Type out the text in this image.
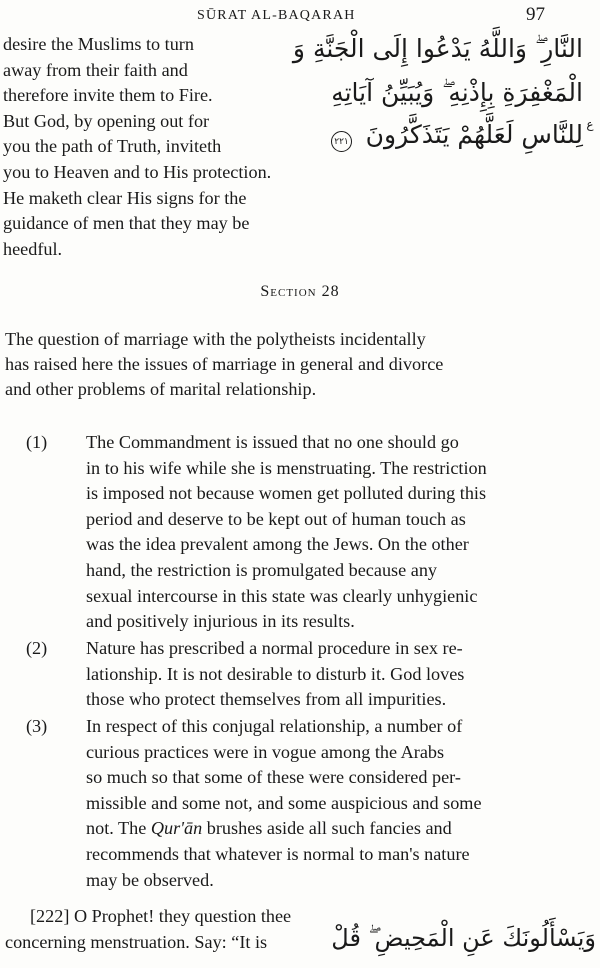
SŪRAT AL-BAQARAH	97
desire the Muslims to turn
away from their faith and
therefore invite them to Fire.
But God, by opening out for
you the path of Truth, inviteth
you to Heaven and to His protection.
He maketh clear His signs for the
guidance of men that they may be
heedful.
النَّارِ ۖ وَاللَّهُ يَدْعُوا إِلَى الْجَنَّةِ وَ
الْمَغْفِرَةِ بِإِذْنِهِ ۖ وَيُبَيِّنُ آيَاتِهِ
لِلنَّاسِ لَعَلَّهُمْ يَتَذَكَّرُونَ
٢٢١
ع
Section 28
The question of marriage with the polytheists incidentally
has raised here the issues of marriage in general and divorce
and other problems of marital relationship.
(1) The Commandment is issued that no one should go
in to his wife while she is menstruating. The restriction
is imposed not because women get polluted during this
period and deserve to be kept out of human touch as
was the idea prevalent among the Jews. On the other
hand, the restriction is promulgated because any
sexual intercourse in this state was clearly unhygienic
and positively injurious in its results.
(2) Nature has prescribed a normal procedure in sex re-
lationship. It is not desirable to disturb it. God loves
those who protect themselves from all impurities.
(3) In respect of this conjugal relationship, a number of
curious practices were in vogue among the Arabs
so much so that some of these were considered per-
missible and some not, and some auspicious and some
not. The Qur'ān brushes aside all such fancies and
recommends that whatever is normal to man's nature
may be observed.
[222] O Prophet! they question thee
concerning menstruation. Say: “It is	وَيَسْأَلُونَكَ عَنِ الْمَحِيضِ ۖ قُلْ
